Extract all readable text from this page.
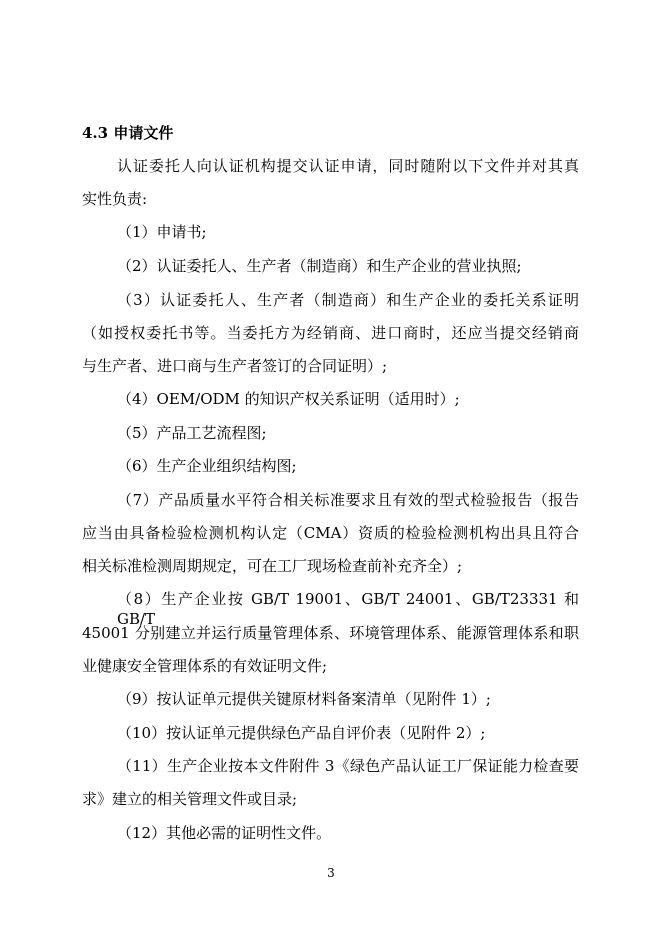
4.3 申请文件
认证委托人向认证机构提交认证申请，同时随附以下文件并对其真
实性负责:
（1）申请书;
（2）认证委托人、生产者（制造商）和生产企业的营业执照;
（3）认证委托人、生产者（制造商）和生产企业的委托关系证明
（如授权委托书等。当委托方为经销商、进口商时，还应当提交经销商
与生产者、进口商与生产者签订的合同证明）;
（4）OEM/ODM 的知识产权关系证明（适用时）;
（5）产品工艺流程图;
（6）生产企业组织结构图;
（7）产品质量水平符合相关标准要求且有效的型式检验报告（报告
应当由具备检验检测机构认定（CMA）资质的检验检测机构出具且符合
相关标准检测周期规定，可在工厂现场检查前补充齐全）;
（8）生产企业按 GB/T 19001、GB/T 24001、GB/T23331 和 GB/T
45001 分别建立并运行质量管理体系、环境管理体系、能源管理体系和职
业健康安全管理体系的有效证明文件;
（9）按认证单元提供关键原材料备案清单（见附件 1）;
（10）按认证单元提供绿色产品自评价表（见附件 2）;
（11）生产企业按本文件附件 3《绿色产品认证工厂保证能力检查要
求》建立的相关管理文件或目录;
（12）其他必需的证明性文件。
3
